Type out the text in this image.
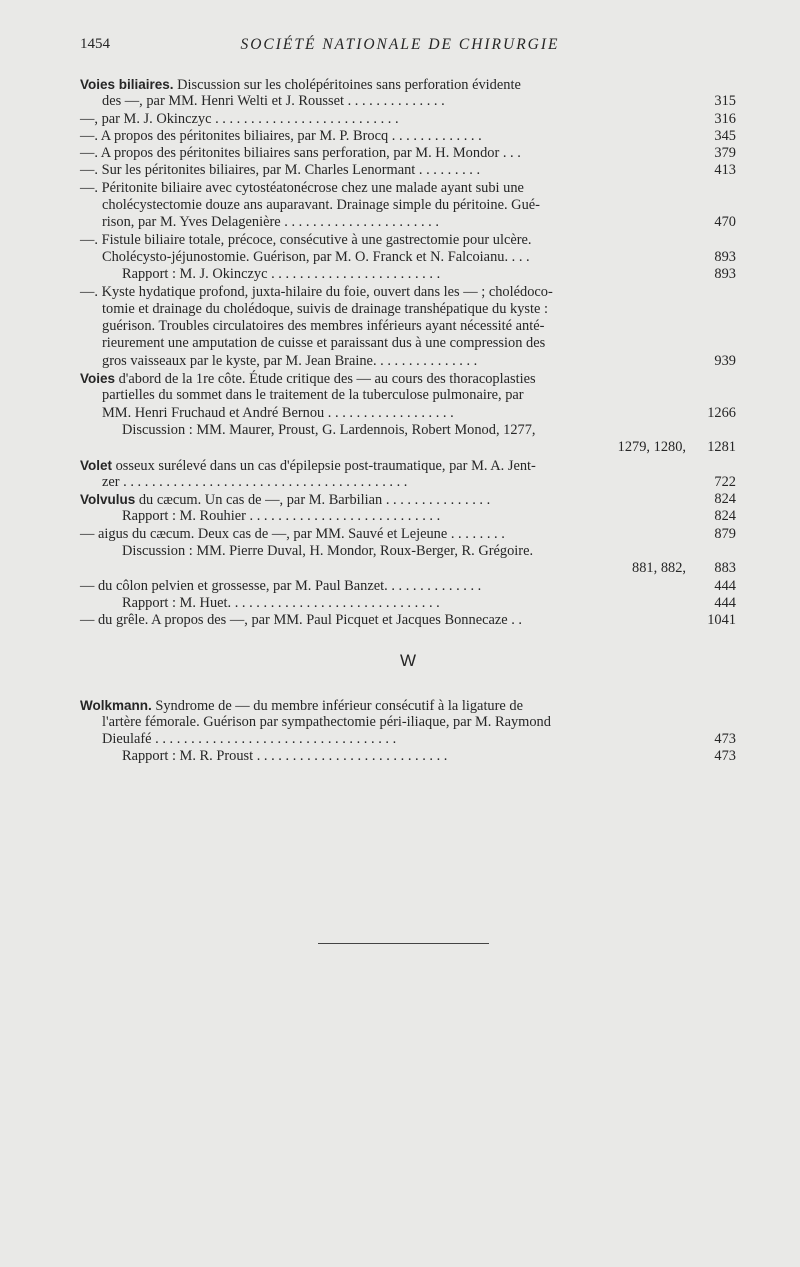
1454	SOCIÉTÉ NATIONALE DE CHIRURGIE
Voies biliaires. Discussion sur les cholépéritoines sans perforation évidente
des —, par MM. Henri Welti et J. Rousset . . . . . . . . . . . . . .	315
—, par M. J. Okinczyc . . . . . . . . . . . . . . . . . . . . . . . . . .	316
—. A propos des péritonites biliaires, par M. P. Brocq . . . . . . . . . . . . .	345
—. A propos des péritonites biliaires sans perforation, par M. H. Mondor . . .	379
—. Sur les péritonites biliaires, par M. Charles Lenormant . . . . . . . . .	413
—. Péritonite biliaire avec cytostéatonécrose chez une malade ayant subi une
cholécystectomie douze ans auparavant. Drainage simple du péritoine. Gué-
rison, par M. Yves Delagenière . . . . . . . . . . . . . . . . . . . . . .	470
—. Fistule biliaire totale, précoce, consécutive à une gastrectomie pour ulcère.
Cholécysto-jéjunostomie. Guérison, par M. O. Franck et N. Falcoianu. . . .	893
Rapport : M. J. Okinczyc . . . . . . . . . . . . . . . . . . . . . . . .	893
—. Kyste hydatique profond, juxta-hilaire du foie, ouvert dans les — ; cholédoco-
tomie et drainage du cholédoque, suivis de drainage transhépatique du kyste :
guérison. Troubles circulatoires des membres inférieurs ayant nécessité anté-
rieurement une amputation de cuisse et paraissant dus à une compression des
gros vaisseaux par le kyste, par M. Jean Braine. . . . . . . . . . . . . . .	939
Voies d'abord de la 1re côte. Étude critique des — au cours des thoracoplasties
partielles du sommet dans le traitement de la tuberculose pulmonaire, par
MM. Henri Fruchaud et André Bernou . . . . . . . . . . . . . . . . . .	1266
Discussion : MM. Maurer, Proust, G. Lardennois, Robert Monod, 1277,
1279, 1280, 1281
Volet osseux surélevé dans un cas d'épilepsie post-traumatique, par M. A. Jent-
zer . . . . . . . . . . . . . . . . . . . . . . . . . . . . . . . . . . . . . . . .	722
Volvulus du cæcum. Un cas de —, par M. Barbilian . . . . . . . . . . . . . . .	824
Rapport : M. Rouhier . . . . . . . . . . . . . . . . . . . . . . . . . . .	824
— aigus du cæcum. Deux cas de —, par MM. Sauvé et Lejeune . . . . . . . .	879
Discussion : MM. Pierre Duval, H. Mondor, Roux-Berger, R. Grégoire.
881, 882, 883
— du côlon pelvien et grossesse, par M. Paul Banzet. . . . . . . . . . . . . .	444
Rapport : M. Huet. . . . . . . . . . . . . . . . . . . . . . . . . . . . . .	444
— du grêle. A propos des —, par MM. Paul Picquet et Jacques Bonnecaze . .	1041
W
Wolkmann. Syndrome de — du membre inférieur consécutif à la ligature de
l'artère fémorale. Guérison par sympathectomie péri-iliaque, par M. Raymond
Dieulafé . . . . . . . . . . . . . . . . . . . . . . . . . . . . . . . . . .	473
Rapport : M. R. Proust . . . . . . . . . . . . . . . . . . . . . . . . . . .	473
